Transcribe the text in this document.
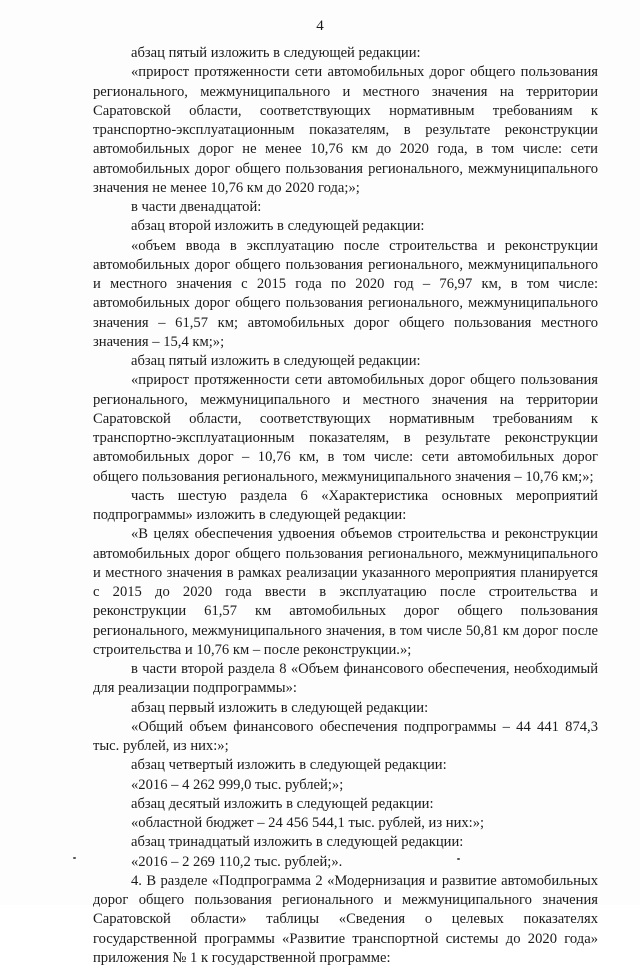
4

абзац пятый изложить в следующей редакции:

«прирост протяженности сети автомобильных дорог общего пользования регионального, межмуниципального и местного значения на территории Саратовской области, соответствующих нормативным требованиям к транспортно-эксплуатационным показателям, в результате реконструкции автомобильных дорог не менее 10,76 км до 2020 года, в том числе: сети автомобильных дорог общего пользования регионального, межмуниципального значения не менее 10,76 км до 2020 года;»;

в части двенадцатой:

абзац второй изложить в следующей редакции:

«объем ввода в эксплуатацию после строительства и реконструкции автомобильных дорог общего пользования регионального, межмуниципального и местного значения с 2015 года по 2020 год – 76,97 км, в том числе: автомобильных дорог общего пользования регионального, межмуниципального значения – 61,57 км; автомобильных дорог общего пользования местного значения – 15,4 км;»;

абзац пятый изложить в следующей редакции:

«прирост протяженности сети автомобильных дорог общего пользования регионального, межмуниципального и местного значения на территории Саратовской области, соответствующих нормативным требованиям к транспортно-эксплуатационным показателям, в результате реконструкции автомобильных дорог – 10,76 км, в том числе: сети автомобильных дорог общего пользования регионального, межмуниципального значения – 10,76 км;»;

часть шестую раздела 6 «Характеристика основных мероприятий подпрограммы» изложить в следующей редакции:

«В целях обеспечения удвоения объемов строительства и реконструкции автомобильных дорог общего пользования регионального, межмуниципального и местного значения в рамках реализации указанного мероприятия планируется с 2015 до 2020 года ввести в эксплуатацию после строительства и реконструкции 61,57 км автомобильных дорог общего пользования регионального, межмуниципального значения, в том числе 50,81 км дорог после строительства и 10,76 км – после реконструкции.»;

в части второй раздела 8 «Объем финансового обеспечения, необходимый для реализации подпрограммы»:

абзац первый изложить в следующей редакции:

«Общий объем финансового обеспечения подпрограммы – 44 441 874,3 тыс. рублей, из них:»;

абзац четвертый изложить в следующей редакции:

«2016 – 4 262 999,0 тыс. рублей;»;

абзац десятый изложить в следующей редакции:

«областной бюджет – 24 456 544,1 тыс. рублей, из них:»;

абзац тринадцатый изложить в следующей редакции:

«2016 – 2 269 110,2 тыс. рублей;».

4. В разделе «Подпрограмма 2 «Модернизация и развитие автомобильных дорог общего пользования регионального и межмуниципального значения Саратовской области» таблицы «Сведения о целевых показателях государственной программы «Развитие транспортной системы до 2020 года» приложения № 1 к государственной программе:
